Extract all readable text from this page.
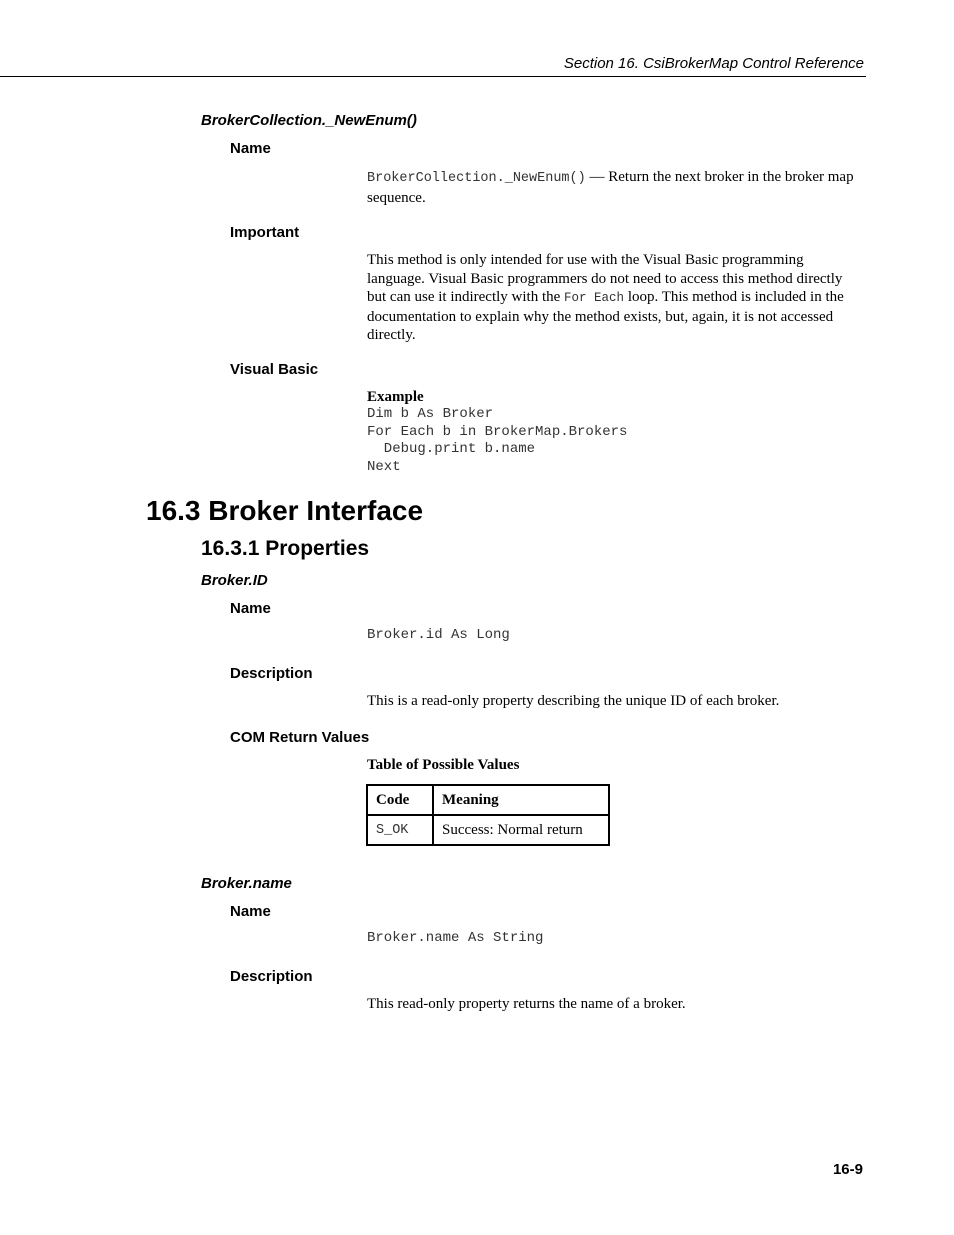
Section 16. CsiBrokerMap Control Reference
BrokerCollection._NewEnum()
Name
BrokerCollection._NewEnum() — Return the next broker in the broker map sequence.
Important
This method is only intended for use with the Visual Basic programming language. Visual Basic programmers do not need to access this method directly but can use it indirectly with the For Each loop. This method is included in the documentation to explain why the method exists, but, again, it is not accessed directly.
Visual Basic
Example
Dim b As Broker
For Each b in BrokerMap.Brokers
Debug.print b.name
Next
16.3 Broker Interface
16.3.1 Properties
Broker.ID
Name
Broker.id As Long
Description
This is a read-only property describing the unique ID of each broker.
COM Return Values
Table of Possible Values
Code	Meaning
S_OK	Success: Normal return
Broker.name
Name
Broker.name As String
Description
This read-only property returns the name of a broker.
16-9
